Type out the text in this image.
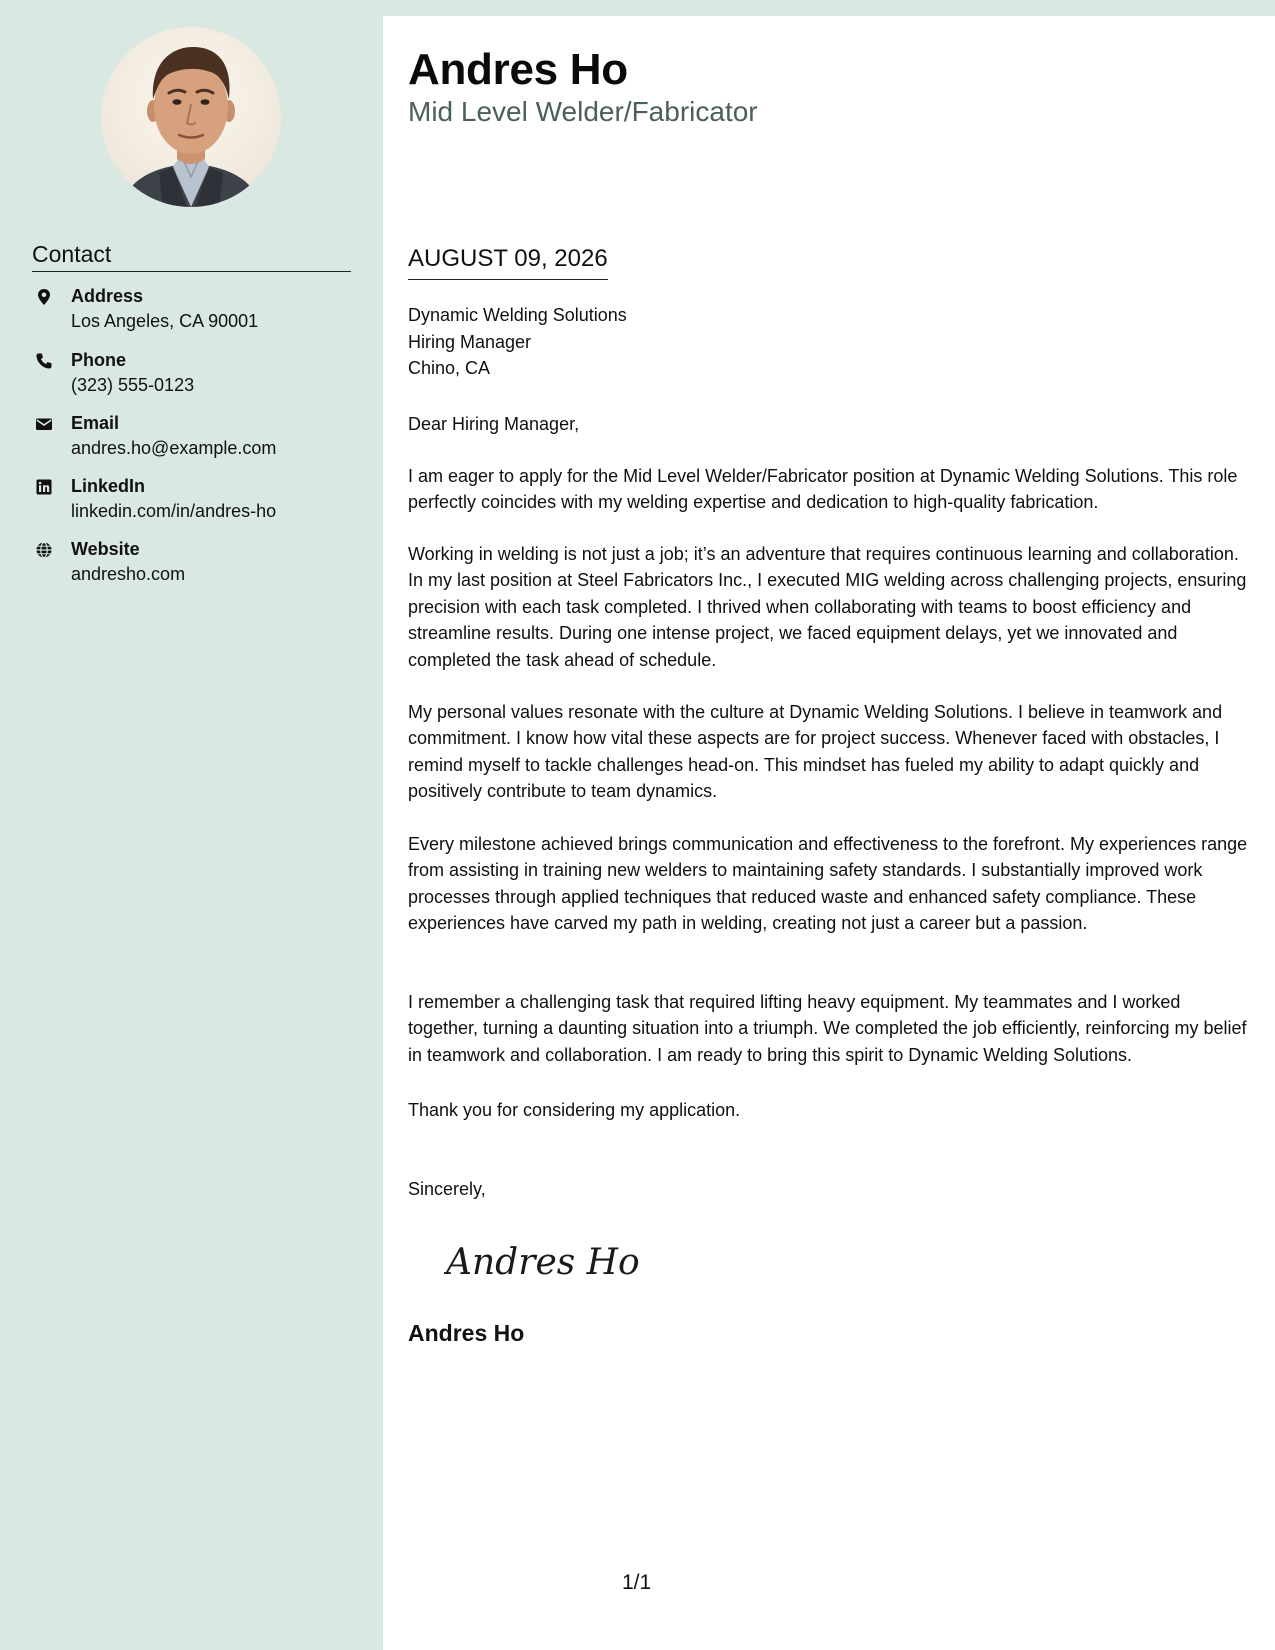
Contact
Address
Los Angeles, CA 90001
Phone
(323) 555-0123
Email
andres.ho@example.com
LinkedIn
linkedin.com/in/andres-ho
Website
andresho.com
Andres Ho
Mid Level Welder/Fabricator
AUGUST 09, 2026
Dynamic Welding Solutions
Hiring Manager
Chino, CA
Dear Hiring Manager,
I am eager to apply for the Mid Level Welder/Fabricator position at Dynamic Welding Solutions. This role perfectly coincides with my welding expertise and dedication to high-quality fabrication.
Working in welding is not just a job; it’s an adventure that requires continuous learning and collaboration. In my last position at Steel Fabricators Inc., I executed MIG welding across challenging projects, ensuring precision with each task completed. I thrived when collaborating with teams to boost efficiency and streamline results. During one intense project, we faced equipment delays, yet we innovated and completed the task ahead of schedule.
My personal values resonate with the culture at Dynamic Welding Solutions. I believe in teamwork and commitment. I know how vital these aspects are for project success. Whenever faced with obstacles, I remind myself to tackle challenges head-on. This mindset has fueled my ability to adapt quickly and positively contribute to team dynamics.
Every milestone achieved brings communication and effectiveness to the forefront. My experiences range from assisting in training new welders to maintaining safety standards. I substantially improved work processes through applied techniques that reduced waste and enhanced safety compliance. These experiences have carved my path in welding, creating not just a career but a passion.
I remember a challenging task that required lifting heavy equipment. My teammates and I worked together, turning a daunting situation into a triumph. We completed the job efficiently, reinforcing my belief in teamwork and collaboration. I am ready to bring this spirit to Dynamic Welding Solutions.
Thank you for considering my application.
Sincerely,
Andres Ho
Andres Ho
1/1
